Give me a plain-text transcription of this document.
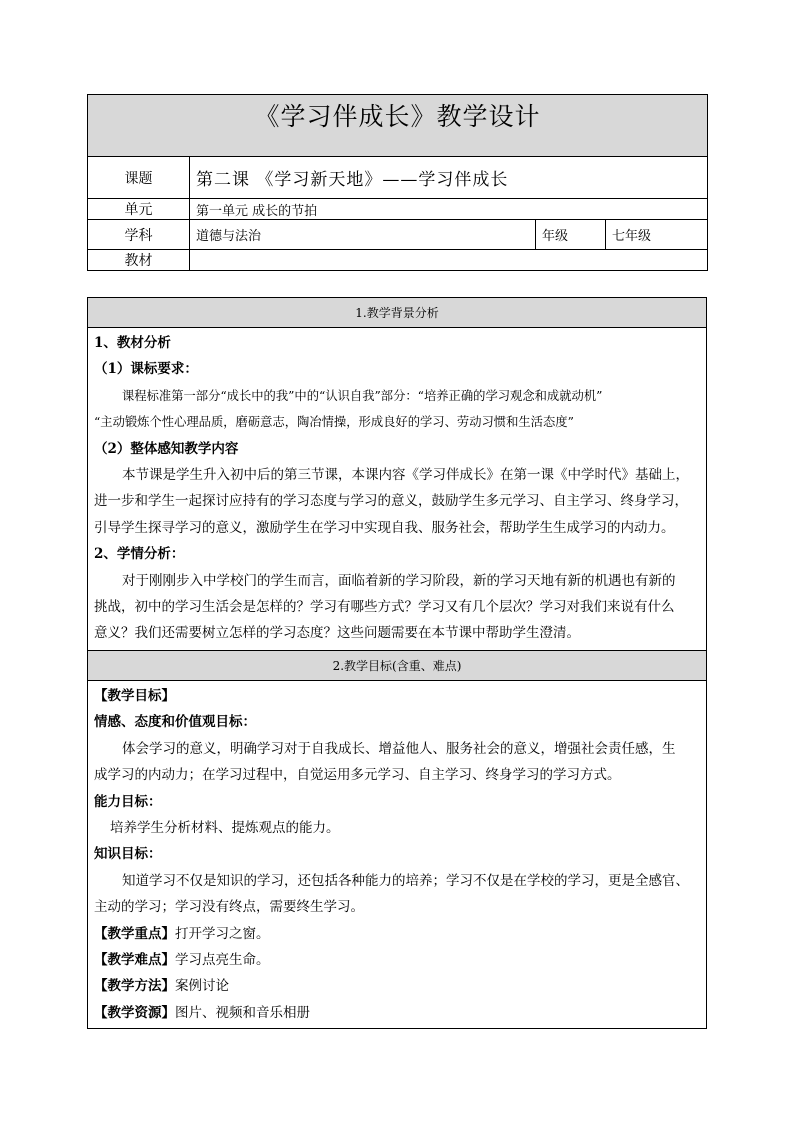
《学习伴成长》教学设计			
课题	第二课 《学习新天地》——学习伴成长		
单元	第一单元 成长的节拍		
学科	道德与法治	年级	七年级
教材			
1.教学背景分析

1、教材分析
（1）课标要求：
课程标准第一部分“成长中的我”中的“认识自我”部分：“培养正确的学习观念和成就动机”
“主动锻炼个性心理品质，磨砺意志，陶冶情操，形成良好的学习、劳动习惯和生活态度”
（2）整体感知教学内容
本节课是学生升入初中后的第三节课，本课内容《学习伴成长》在第一课《中学时代》基础上，
进一步和学生一起探讨应持有的学习态度与学习的意义，鼓励学生多元学习、自主学习、终身学习，
引导学生探寻学习的意义，激励学生在学习中实现自我、服务社会，帮助学生生成学习的内动力。
2、学情分析：
对于刚刚步入中学校门的学生而言，面临着新的学习阶段，新的学习天地有新的机遇也有新的
挑战，初中的学习生活会是怎样的？学习有哪些方式？学习又有几个层次？学习对我们来说有什么
意义？我们还需要树立怎样的学习态度？这些问题需要在本节课中帮助学生澄清。

2.教学目标(含重、难点)

【教学目标】
情感、态度和价值观目标：
体会学习的意义，明确学习对于自我成长、增益他人、服务社会的意义，增强社会责任感，生
成学习的内动力；在学习过程中，自觉运用多元学习、自主学习、终身学习的学习方式。
能力目标：
培养学生分析材料、提炼观点的能力。
知识目标：
知道学习不仅是知识的学习，还包括各种能力的培养；学习不仅是在学校的学习，更是全感官、
主动的学习；学习没有终点，需要终生学习。
【教学重点】打开学习之窗。
【教学难点】学习点亮生命。
【教学方法】案例讨论
【教学资源】图片、视频和音乐相册
